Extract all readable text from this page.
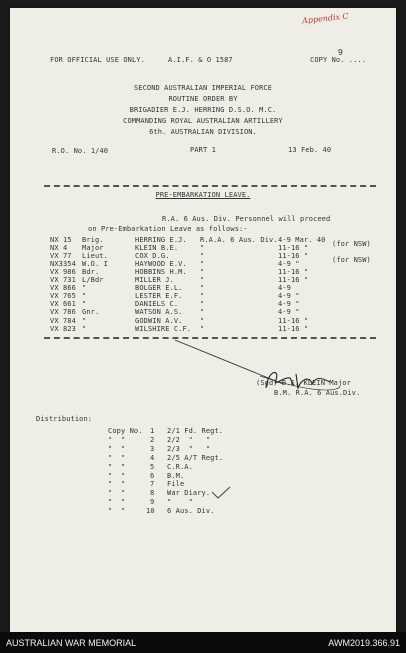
Appendix C
FOR OFFICIAL USE ONLY.	A.I.F. & O 1587	COPY No. ....
9
SECOND AUSTRALIAN IMPERIAL FORCE
ROUTINE ORDER BY
BRIGADIER E.J. HERRING D.S.O. M.C.
COMMANDING ROYAL AUSTRALIAN ARTILLERY
6th. AUSTRALIAN DIVISION.
R.O. No. 1/40	PART 1	13 Feb. 40
PRE-EMBARKATION LEAVE.
R.A. 6 Aus. Div. Personnel will proceed
on Pre-Embarkation Leave as follows:-
NX 15 Brig.	HERRING E.J. R.A.A. 6 Aus. Div. 4-9 Mar. 40
NX 4 Major	KLEIN B.E.	"	11-16 "	(for NSW)
VX 77 Lieut.	COX D.G.	"	11-16 "
NX3354 W.O. I	HAYWOOD E.V. "	4-9 "	(for NSW)
VX 986 Bdr.	HOBBINS H.M. "	11-16 "
VX 731 L/Bdr	MILLER J.	"	11-16 "
VX 866 "	BOLGER E.L.	"	4-9
VX 765 "	LESTER E.F.	"	4-9 "
VX 661 "	DANIELS C.	"	4-9 "
VX 786 Gnr.	WATSON A.S.	"	4-9 "
VX 784 "	GODWIN A.V.	"	11-16 "
VX 823 "	WILSHIRE C.F. "	11-16 "
(Sgd) B.E. KLEIN Major
B.M. R.A. 6 Aus.Div.
Distribution:
Copy No. 1 2/1 Fd. Regt.
"  "	2 2/2  "   "
"  "	3 2/3  "   "
"  "	4 2/5 A/T Regt.
"  "	5 C.R.A.
"  "	6 B.M.
"  "	7 File
"  "	8 War Diary.
"  "	9 "    "
"  "	10 6 Aus. Div.
AUSTRALIAN WAR MEMORIAL	AWM2019.366.91
